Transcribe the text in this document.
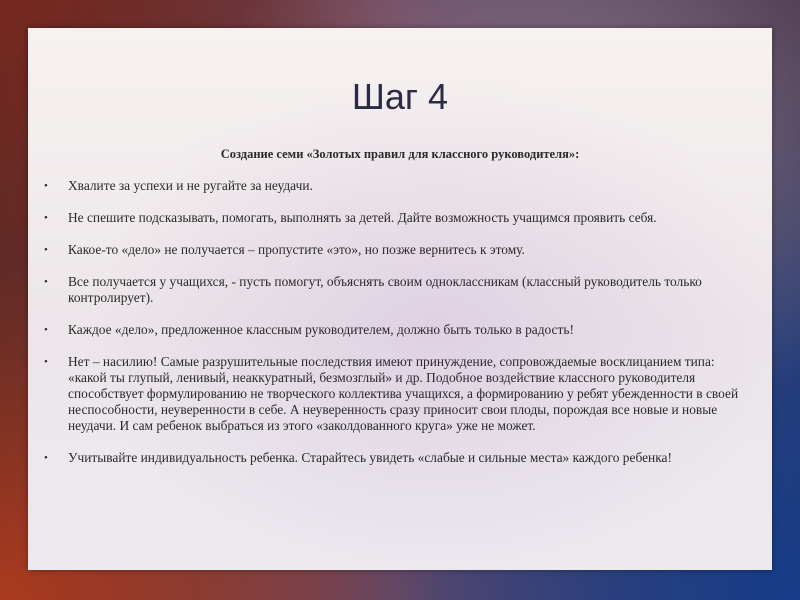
Шаг 4

Создание семи «Золотых правил для классного руководителя»:

• Хвалите за успехи и не ругайте за неудачи.
• Не спешите подсказывать, помогать, выполнять за детей. Дайте возможность учащимся проявить себя.
• Какое-то «дело» не получается – пропустите «это», но позже вернитесь к этому.
• Все получается у учащихся, - пусть помогут, объяснять своим одноклассникам (классный руководитель только контролирует).
• Каждое «дело», предложенное классным руководителем, должно быть только в радость!
• Нет – насилию! Самые разрушительные последствия имеют принуждение, сопровождаемые восклицанием типа: «какой ты глупый, ленивый, неаккуратный, безмозглый» и др. Подобное воздействие классного руководителя способствует формулированию не творческого коллектива учащихся, а формированию у ребят убежденности в своей неспособности, неуверенности в себе. А неуверенность сразу приносит свои плоды, порождая все новые и новые неудачи. И сам ребенок выбраться из этого «заколдованного круга» уже не может.
• Учитывайте индивидуальность ребенка. Старайтесь увидеть «слабые и сильные места» каждого ребенка!
